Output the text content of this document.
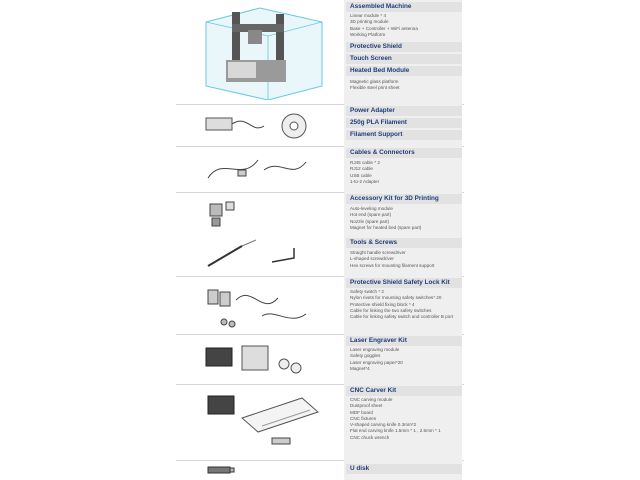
Assembled Machine
Linear module * 4
3D printing module
Base + Controller + WiFi antenna
Working Platform
Protective Shield
Touch Screen
Heated Bed Module
Magnetic glass platform
Flexible steel print sheet
Power Adapter
250g PLA Filament
Filament Support
Cables & Connectors
RJ45 cable * 2
RJ12 cable
USB cable
1-to-2 Adapter
Accessory Kit for 3D Printing
Auto-leveling module
Hot end (spare part)
Nozzle (spare part)
Magnet for heated bed (spare part)
Tools & Screws
Straight handle screwdriver
L-shaped screwdriver
Hex screws for mounting filament support
Protective Shield Safety Lock Kit
Safety switch * 2
Nylon rivets for mounting safety switches* 20
Protective shield fixing block * 4
Cable for linking the two safety switches
Cable for linking safety switch and controller B port
Laser Engraver Kit
Laser engraving module
Safety goggles
Laser engraving paper*20
Magnet*4
CNC Carver Kit
CNC carving module
Dustproof sheet
MDF board
CNC fixtures
V-shaped carving knife 0.3mm*2
Flat end carving knife 1.5mm * 1 , 2.5mm * 1
CNC chuck wrench
U disk
